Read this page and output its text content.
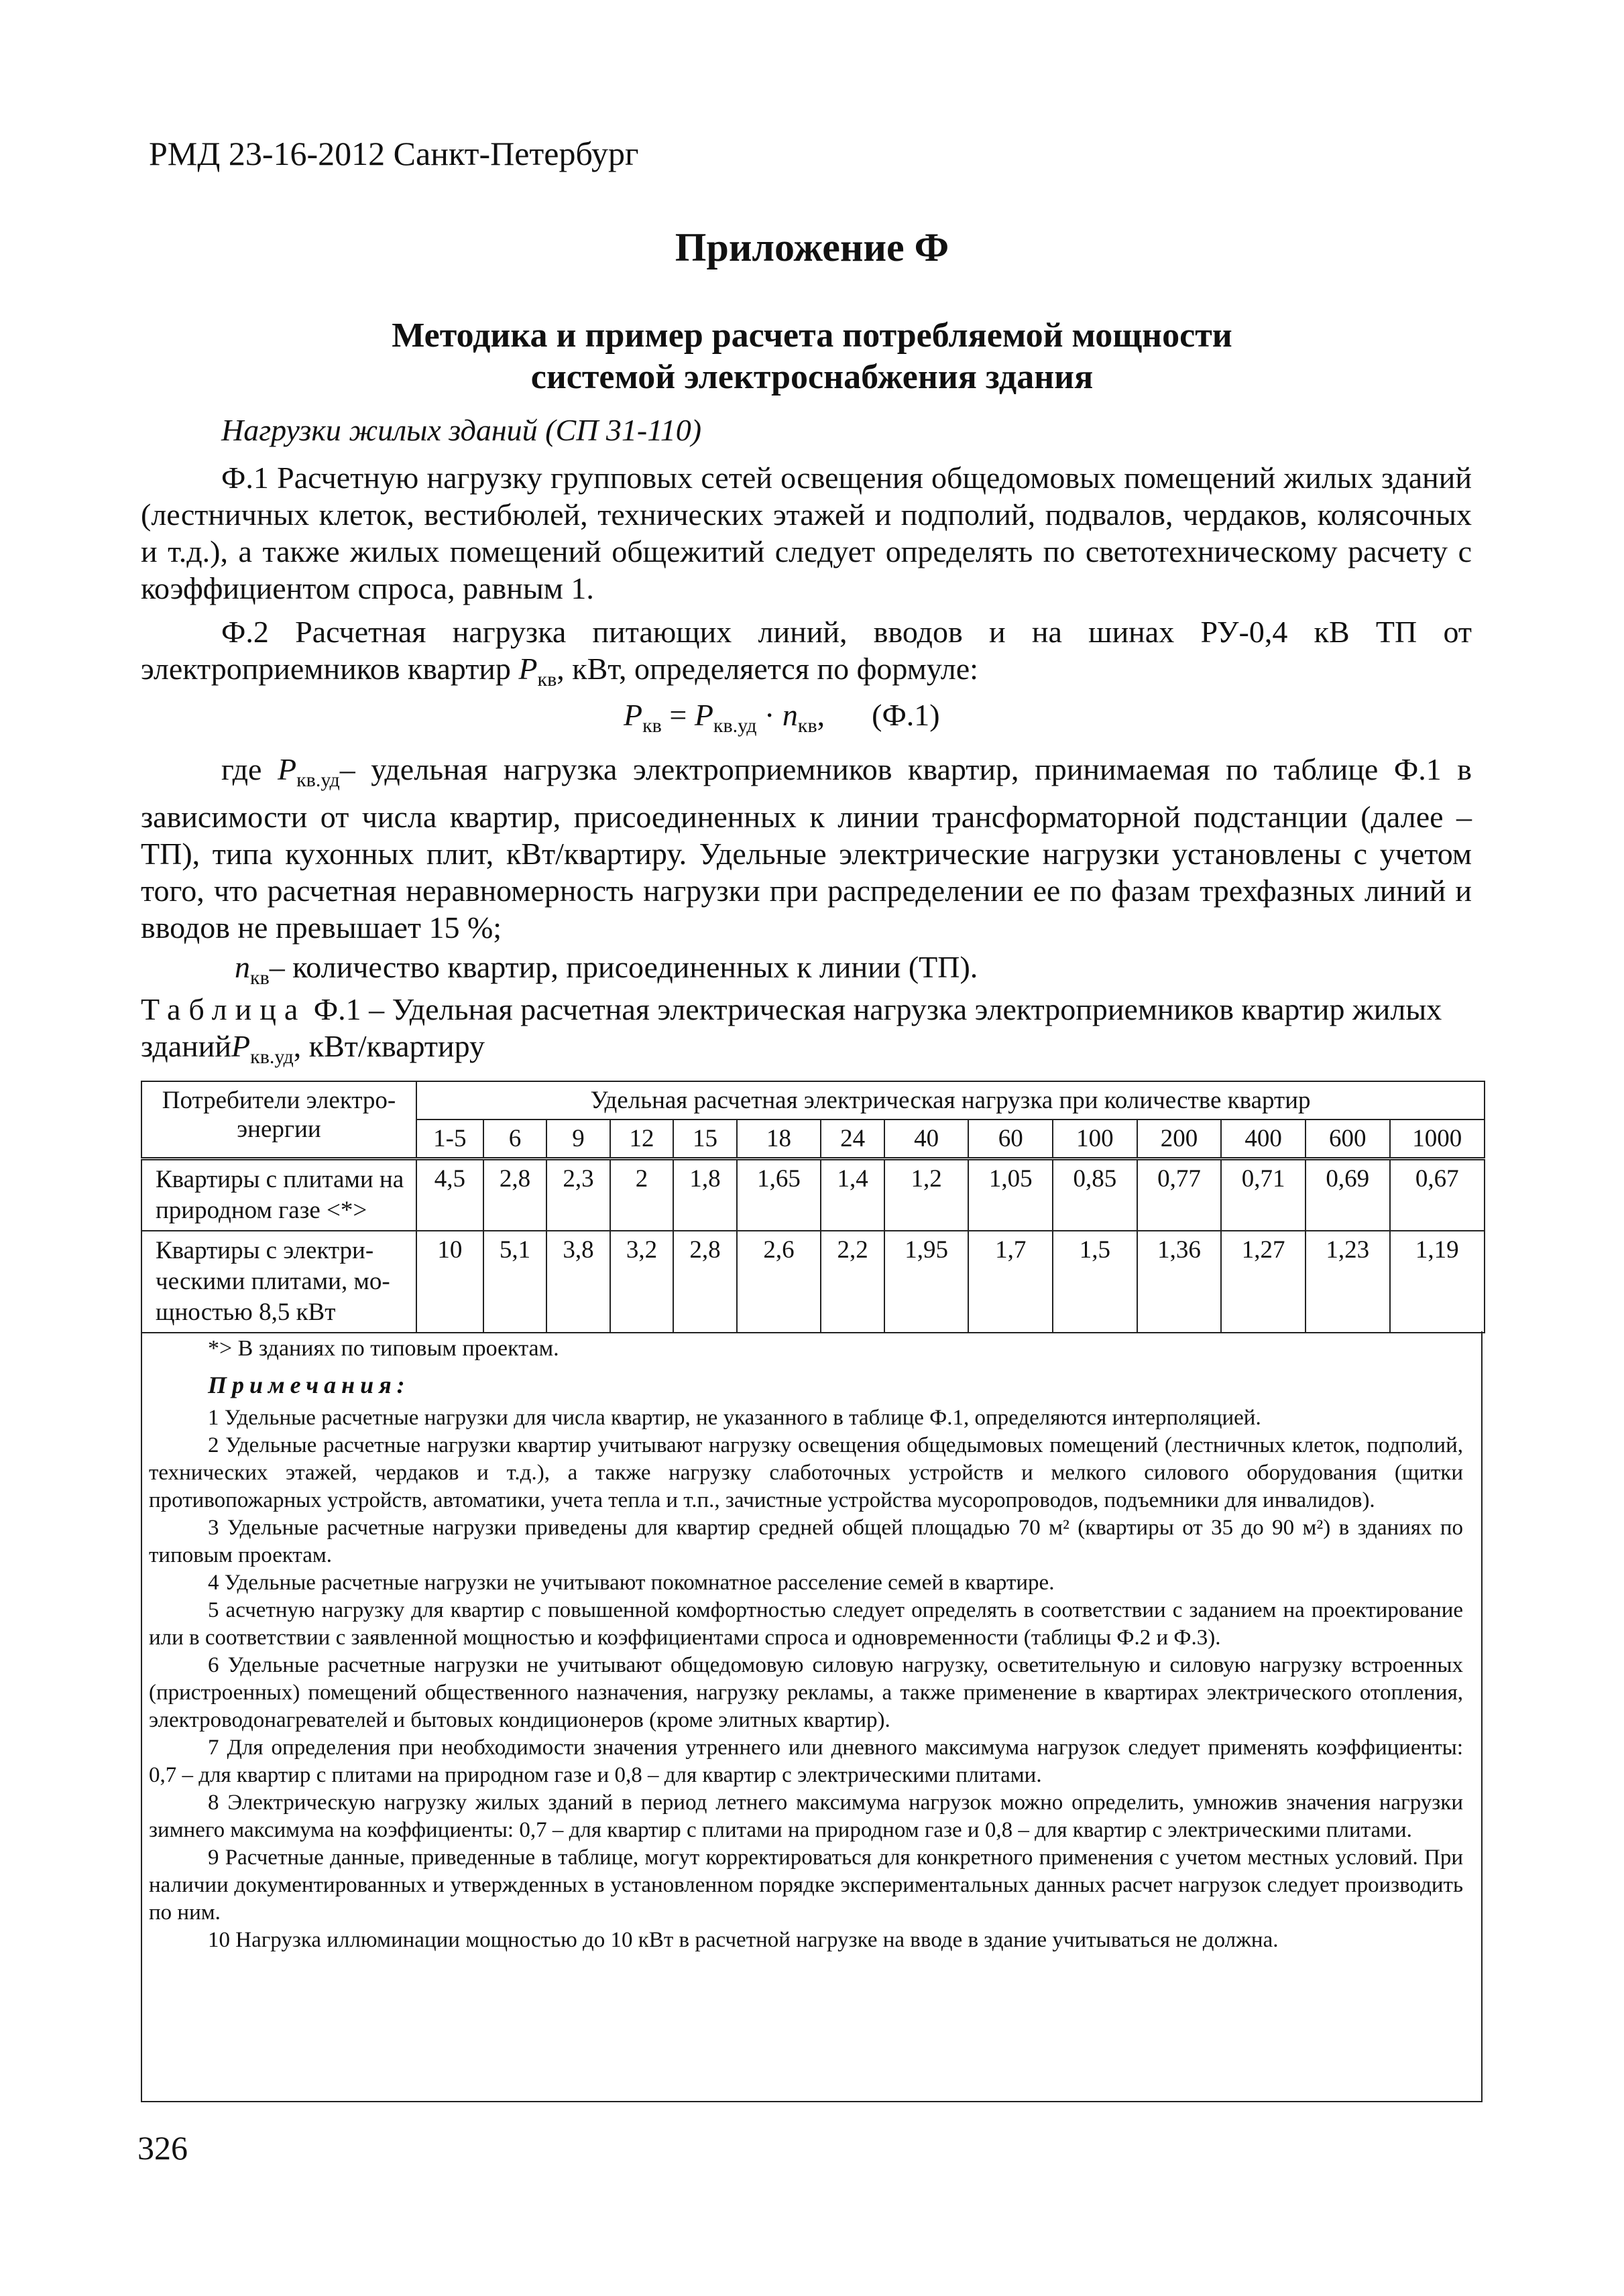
РМД 23-16-2012 Санкт-Петербург
Приложение Ф
Методика и пример расчета потребляемой мощности
системой электроснабжения здания
Нагрузки жилых зданий (СП 31-110)

Ф.1 Расчетную нагрузку групповых сетей освещения общедомовых помещений жилых зданий (лестничных клеток, вестибюлей, технических этажей и подполий, подвалов, чердаков, колясочных и т.д.), а также жилых помещений общежитий следует определять по светотехническому расчету с коэффициентом спроса, равным 1.

Ф.2 Расчетная нагрузка питающих линий, вводов и на шинах РУ-0,4 кВ ТП от электроприемников квартир $P_{кв}$, кВт, определяется по формуле:

$P_{кв} = P_{кв.уд} \cdot n_{кв}$, (Ф.1)

где $P_{кв.уд}-$ удельная нагрузка электроприемников квартир, принимаемая по таблице Ф.1 в зависимости от числа квартир, присоединенных к линии трансформаторной подстанции (далее – ТП), типа кухонных плит, кВт/квартиру. Удельные электрические нагрузки установлены с учетом того, что расчетная неравномерность нагрузки при распределении ее по фазам трехфазных линий и вводов не превышает 15 %;

$n_{кв}-$ количество квартир, присоединенных к линии (ТП).

Таблица Ф.1 – Удельная расчетная электрическая нагрузка электроприемников квартир жилых зданийP$_{кв.уд}$, кВт/квартиру
Потребители электро-энергии	Удельная расчетная электрическая нагрузка при количестве квартир													
	1-5	6	9	12	15	18	24	40	60	100	200	400	600	1000
Квартиры с плитами на природном газе <*>	4,5	2,8	2,3	2	1,8	1,65	1,4	1,2	1,05	0,85	0,77	0,71	0,69	0,67
Квартиры с электри-ческими плитами, мо-щностью 8,5 кВт	10	5,1	3,8	3,2	2,8	2,6	2,2	1,95	1,7	1,5	1,36	1,27	1,23	1,19
*> В зданиях по типовым проектам.
Примечания:

1 Удельные расчетные нагрузки для числа квартир, не указанного в таблице Ф.1, определяются интерполяцией.

2 Удельные расчетные нагрузки квартир учитывают нагрузку освещения общедымовых помещений (лестничных клеток, подполий, технических этажей, чердаков и т.д.), а также нагрузку слаботочных устройств и мелкого силового оборудования (щитки противопожарных устройств, автоматики, учета тепла и т.п., зачистные устройства мусоропроводов, подъемники для инвалидов).

3 Удельные расчетные нагрузки приведены для квартир средней общей площадью 70 м² (квартиры от 35 до 90 м²) в зданиях по типовым проектам.

4 Удельные расчетные нагрузки не учитывают покомнатное расселение семей в квартире.

5 асчетную нагрузку для квартир с повышенной комфортностью следует определять в соответствии с заданием на проектирование или в соответствии с заявленной мощностью и коэффициентами спроса и одновременности (таблицы Ф.2 и Ф.3).

6 Удельные расчетные нагрузки не учитывают общедомовую силовую нагрузку, осветительную и силовую нагрузку встроенных (пристроенных) помещений общественного назначения, нагрузку рекламы, а также применение в квартирах электрического отопления, электроводонагревателей и бытовых кондиционеров (кроме элитных квартир).

7 Для определения при необходимости значения утреннего или дневного максимума нагрузок следует применять коэффициенты: 0,7 – для квартир с плитами на природном газе и 0,8 – для квартир с электрическими плитами.

8 Электрическую нагрузку жилых зданий в период летнего максимума нагрузок можно определить, умножив значения нагрузки зимнего максимума на коэффициенты: 0,7 – для квартир с плитами на природном газе и 0,8 – для квартир с электрическими плитами.

9 Расчетные данные, приведенные в таблице, могут корректироваться для конкретного применения с учетом местных условий. При наличии документированных и утвержденных в установленном порядке экспериментальных данных расчет нагрузок следует производить по ним.

10 Нагрузка иллюминации мощностью до 10 кВт в расчетной нагрузке на вводе в здание учитываться не должна.

326
